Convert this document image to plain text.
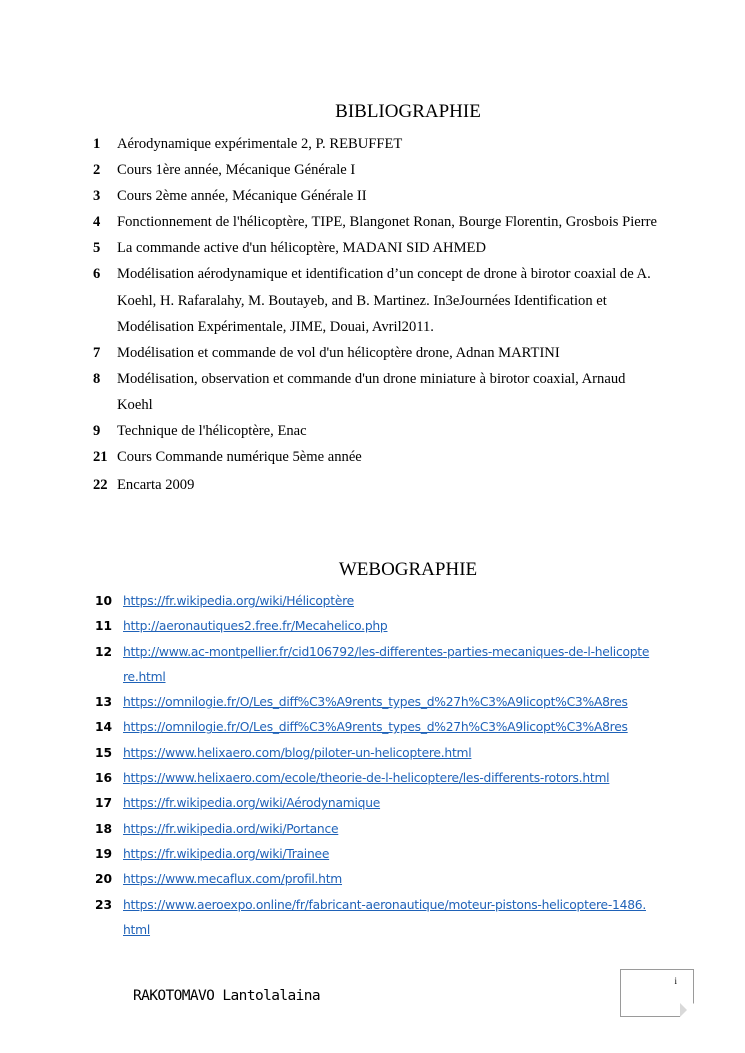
BIBLIOGRAPHIE
1 Aérodynamique expérimentale 2, P. REBUFFET
2 Cours 1ère année, Mécanique Générale I
3 Cours 2ème année, Mécanique Générale II
4 Fonctionnement de l'hélicoptère, TIPE, Blangonet Ronan, Bourge Florentin, Grosbois Pierre
5 La commande active d'un hélicoptère, MADANI SID AHMED
6 Modélisation aérodynamique et identification d’un concept de drone à birotor coaxial de A. Koehl, H. Rafaralahy, M. Boutayeb, and B. Martinez. In3eJournées Identification et Modélisation Expérimentale, JIME, Douai, Avril2011.
7 Modélisation et commande de vol d'un hélicoptère drone, Adnan MARTINI
8 Modélisation, observation et commande d'un drone miniature à birotor coaxial, Arnaud Koehl
9 Technique de l'hélicoptère, Enac
21 Cours Commande numérique 5ème année
22 Encarta 2009
WEBOGRAPHIE
10 https://fr.wikipedia.org/wiki/Hélicoptère
11 http://aeronautiques2.free.fr/Mecahelico.php
12 http://www.ac-montpellier.fr/cid106792/les-differentes-parties-mecaniques-de-l-helicoptere.html
13 https://omnilogie.fr/O/Les_diff%C3%A9rents_types_d%27h%C3%A9licopt%C3%A8res
14 https://omnilogie.fr/O/Les_diff%C3%A9rents_types_d%27h%C3%A9licopt%C3%A8res
15 https://www.helixaero.com/blog/piloter-un-helicoptere.html
16 https://www.helixaero.com/ecole/theorie-de-l-helicoptere/les-differents-rotors.html
17 https://fr.wikipedia.org/wiki/Aérodynamique
18 https://fr.wikipedia.ord/wiki/Portance
19 https://fr.wikipedia.org/wiki/Trainee
20 https://www.mecaflux.com/profil.htm
23 https://www.aeroexpo.online/fr/fabricant-aeronautique/moteur-pistons-helicoptere-1486.html
RAKOTOMAVO Lantolalaina
i
